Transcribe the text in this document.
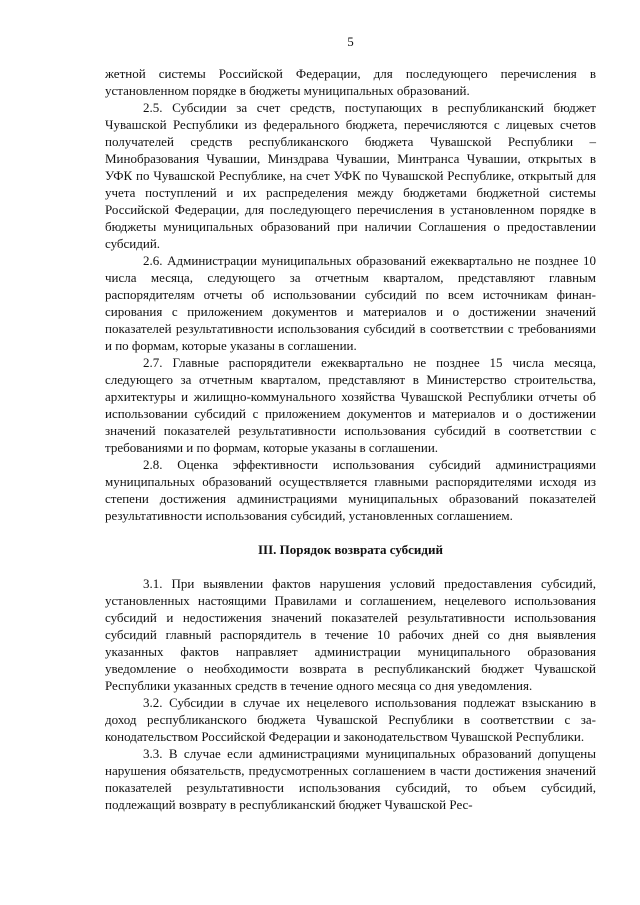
5

жетной системы Российской Федерации, для последующего перечисления в установленном порядке в бюджеты муниципальных образований.

2.5. Субсидии за счет средств, поступающих в республиканский бюджет Чувашской Республики из федерального бюджета, перечисляются с лицевых счетов получателей средств республиканского бюджета Чувашской Республики – Минобразования Чувашии, Минздрава Чувашии, Минтранса Чувашии, открытых в УФК по Чувашской Республике, на счет УФК по Чувашской Республике, открытый для учета поступлений и их распределения между бюджетами бюджетной системы Российской Федерации, для последующего перечисления в установленном порядке в бюджеты муниципальных образований при наличии Соглашения о предоставлении субсидий.

2.6. Администрации муниципальных образований ежеквартально не позднее 10 числа месяца, следующего за отчетным кварталом, представляют главным распорядителям отчеты об использовании субсидий по всем источникам финансирования с приложением документов и материалов и о достижении значений показателей результативности использования субсидий в соответствии с требованиями и по формам, которые указаны в соглашении.

2.7. Главные распорядители ежеквартально не позднее 15 числа месяца, следующего за отчетным кварталом, представляют в Министерство строительства, архитектуры и жилищно-коммунального хозяйства Чувашской Республики отчеты об использовании субсидий с приложением документов и материалов и о достижении значений показателей результативности использования субсидий в соответствии с требованиями и по формам, которые указаны в соглашении.

2.8. Оценка эффективности использования субсидий администрациями муниципальных образований осуществляется главными распорядителями исходя из степени достижения администрациями муниципальных образований показателей результативности использования субсидий, установленных соглашением.

III. Порядок возврата субсидий

3.1. При выявлении фактов нарушения условий предоставления субсидий, установленных настоящими Правилами и соглашением, нецелевого использования субсидий и недостижения значений показателей результативности использования субсидий главный распорядитель в течение 10 рабочих дней со дня выявления указанных фактов направляет администрации муниципального образования уведомление о необходимости возврата в республиканский бюджет Чувашской Республики указанных средств в течение одного месяца со дня уведомления.

3.2. Субсидии в случае их нецелевого использования подлежат взысканию в доход республиканского бюджета Чувашской Республики в соответствии с законодательством Российской Федерации и законодательством Чувашской Республики.

3.3. В случае если администрациями муниципальных образований допущены нарушения обязательств, предусмотренных соглашением в части достижения значений показателей результативности использования субсидий, то объем субсидий, подлежащий возврату в республиканский бюджет Чувашской Рес-
